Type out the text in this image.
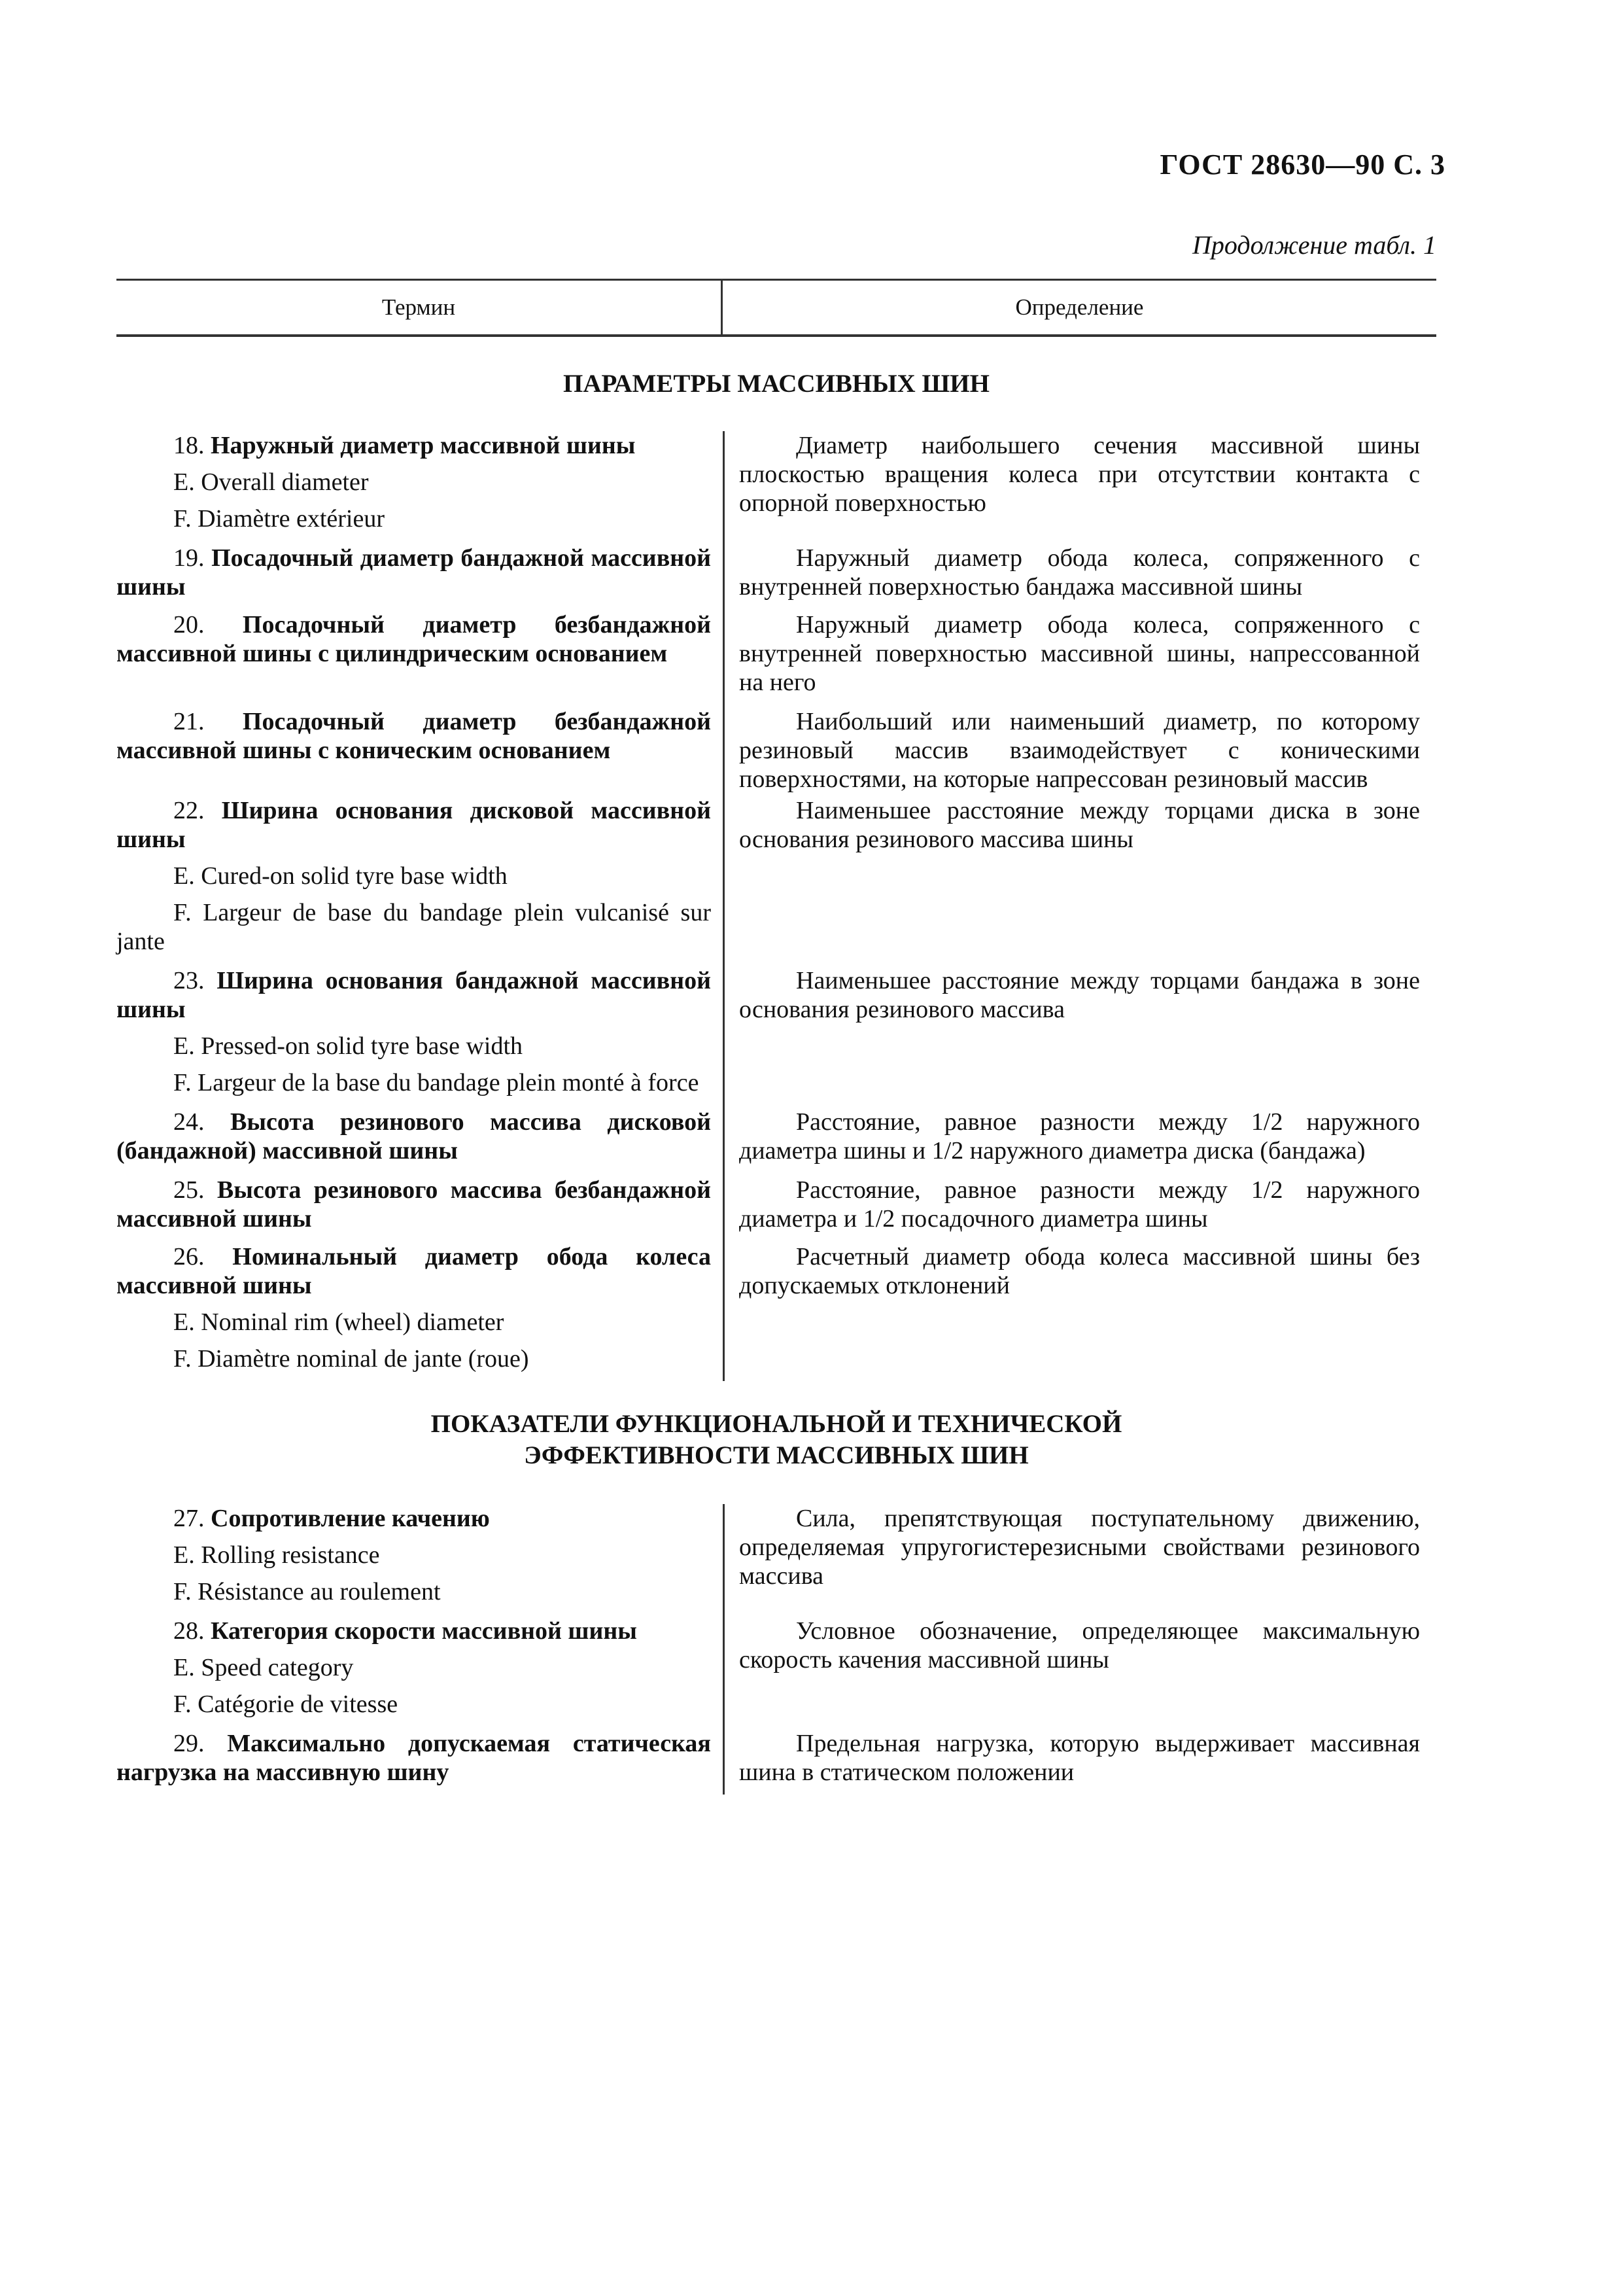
ГОСТ 28630—90 С. 3
Продолжение табл. 1
Термин	Определение
ПАРАМЕТРЫ МАССИВНЫХ ШИН

18. Наружный диаметр массивной шины

E. Overall diameter

F. Diamètre extérieur

Диаметр наибольшего сечения массивной шины плоскостью вращения колеса при отсутствии контакта с опорной поверхностью

19. Посадочный диаметр бандажной массивной шины

Наружный диаметр обода колеса, сопряженного с внутренней поверхностью бандажа массивной шины

20. Посадочный диаметр безбандажной массивной шины с цилиндрическим основанием

Наружный диаметр обода колеса, сопряженного с внутренней поверхностью массивной шины, напрессованной на него

21. Посадочный диаметр безбандажной массивной шины с коническим основанием

Наибольший или наименьший диаметр, по которому резиновый массив взаимодействует с коническими поверхностями, на которые напрессован резиновый массив

22. Ширина основания дисковой массивной шины

E. Cured-on solid tyre base width

F. Largeur de base du bandage plein vulcanisé sur jante

Наименьшее расстояние между торцами диска в зоне основания резинового массива шины

23. Ширина основания бандажной массивной шины

E. Pressed-on solid tyre base width

F. Largeur de la base du bandage plein monté à force

Наименьшее расстояние между торцами бандажа в зоне основания резинового массива

24. Высота резинового массива дисковой (бандажной) массивной шины

Расстояние, равное разности между 1/2 наружного диаметра шины и 1/2 наружного диаметра диска (бандажа)

25. Высота резинового массива безбандажной массивной шины

Расстояние, равное разности между 1/2 наружного диаметра и 1/2 посадочного диаметра шины

26. Номинальный диаметр обода колеса массивной шины

E. Nominal rim (wheel) diameter

F. Diamètre nominal de jante (roue)

Расчетный диаметр обода колеса массивной шины без допускаемых отклонений

ПОКАЗАТЕЛИ ФУНКЦИОНАЛЬНОЙ И ТЕХНИЧЕСКОЙ
ЭФФЕКТИВНОСТИ МАССИВНЫХ ШИН

27. Сопротивление качению

E. Rolling resistance

F. Résistance au roulement

Сила, препятствующая поступательному движению, определяемая упругогистерезисными свойствами резинового массива

28. Категория скорости массивной шины

E. Speed category

F. Catégorie de vitesse

Условное обозначение, определяющее максимальную скорость качения массивной шины

29. Максимально допускаемая статическая нагрузка на массивную шину

Предельная нагрузка, которую выдерживает массивная шина в статическом положении
